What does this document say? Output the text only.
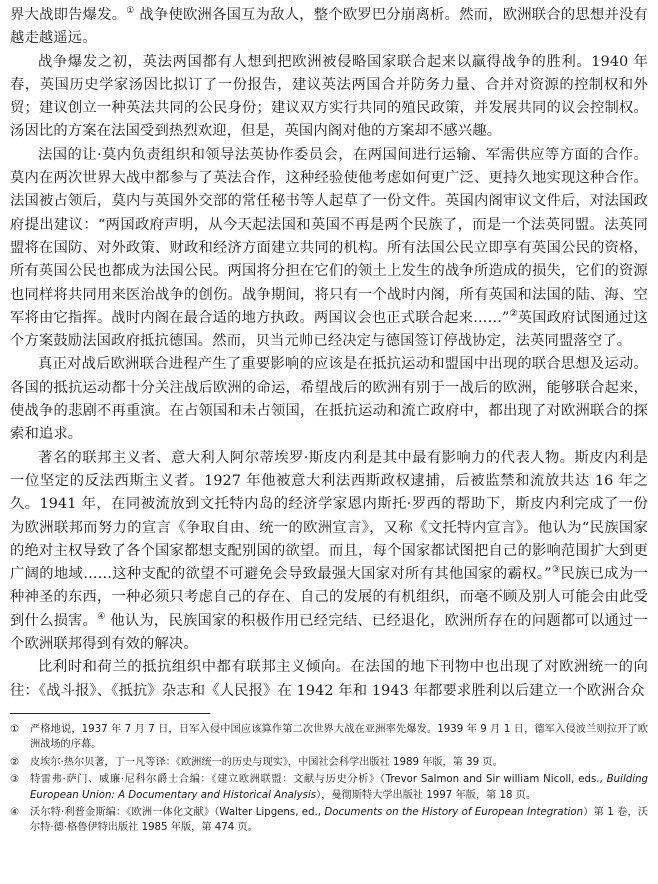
界大战即告爆发。① 战争使欧洲各国互为敌人，整个欧罗巴分崩离析。然而，欧洲联合的思想并没有越走越遥远。

战争爆发之初，英法两国都有人想到把欧洲被侵略国家联合起来以赢得战争的胜利。1940 年春，英国历史学家汤因比拟订了一份报告，建议英法两国合并防务力量、合并对资源的控制权和外贸；建议创立一种英法共同的公民身份；建议双方实行共同的殖民政策，并发展共同的议会控制权。汤因比的方案在法国受到热烈欢迎，但是，英国内阁对他的方案却不感兴趣。

法国的让·莫内负责组织和领导法英协作委员会，在两国间进行运输、军需供应等方面的合作。莫内在两次世界大战中都参与了英法合作，这种经验使他考虑如何更广泛、更持久地实现这种合作。法国被占领后，莫内与英国外交部的常任秘书等人起草了一份文件。英国内阁审议文件后，对法国政府提出建议：“两国政府声明，从今天起法国和英国不再是两个民族了，而是一个法英同盟。法英同盟将在国防、对外政策、财政和经济方面建立共同的机构。所有法国公民立即享有英国公民的资格，所有英国公民也都成为法国公民。两国将分担在它们的领土上发生的战争所造成的损失，它们的资源也同样将共同用来医治战争的创伤。战争期间，将只有一个战时内阁，所有英国和法国的陆、海、空军将由它指挥。战时内阁在最合适的地方执政。两国议会也正式联合起来……”②英国政府试图通过这个方案鼓励法国政府抵抗德国。然而，贝当元帅已经决定与德国签订停战协定，法英同盟落空了。

真正对战后欧洲联合进程产生了重要影响的应该是在抵抗运动和盟国中出现的联合思想及运动。各国的抵抗运动都十分关注战后欧洲的命运，希望战后的欧洲有别于一战后的欧洲，能够联合起来，使战争的悲剧不再重演。在占领国和未占领国，在抵抗运动和流亡政府中，都出现了对欧洲联合的探索和追求。

著名的联邦主义者、意大利人阿尔蒂埃罗·斯皮内利是其中最有影响力的代表人物。斯皮内利是一位坚定的反法西斯主义者。1927 年他被意大利法西斯政权逮捕，后被监禁和流放共达 16 年之久。1941 年，在同被流放到文托特内岛的经济学家恩内斯托·罗西的帮助下，斯皮内利完成了一份为欧洲联邦而努力的宣言《争取自由、统一的欧洲宣言》，又称《文托特内宣言》。他认为“民族国家的绝对主权导致了各个国家都想支配别国的欲望。而且，每个国家都试图把自己的影响范围扩大到更广阔的地域……这种支配的欲望不可避免会导致最强大国家对所有其他国家的霸权。”③民族已成为一种神圣的东西，一种必须只考虑自己的存在、自己的发展的有机组织，而毫不顾及别人可能会由此受到什么损害。④ 他认为，民族国家的积极作用已经完结、已经退化，欧洲所存在的问题都可以通过一个欧洲联邦得到有效的解决。

比利时和荷兰的抵抗组织中都有联邦主义倾向。在法国的地下刊物中也出现了对欧洲统一的向往：《战斗报》、《抵抗》杂志和《人民报》在 1942 年和 1943 年都要求胜利以后建立一个欧洲合众

①	严格地说，1937 年 7 月 7 日，日军入侵中国应该算作第二次世界大战在亚洲率先爆发。1939 年 9 月 1 日，德军入侵波兰则拉开了欧洲战场的序幕。
②	皮埃尔·热尔贝著，丁一凡等译：《欧洲统一的历史与现实》，中国社会科学出版社 1989 年版，第 39 页。
③	特雷弗·萨门、威廉·尼科尔爵士合编：《建立欧洲联盟：文献与历史分析》（Trevor Salmon and Sir william Nicoll, eds., Building European Union: A Documentary and Historical Analysis），曼彻斯特大学出版社 1997 年版，第 18 页。
④	沃尔特·利普金斯编：《欧洲一体化文献》（Walter Lipgens, ed., Documents on the History of European Integration）第 1 卷，沃尔特·德·格鲁伊特出版社 1985 年版，第 474 页。
